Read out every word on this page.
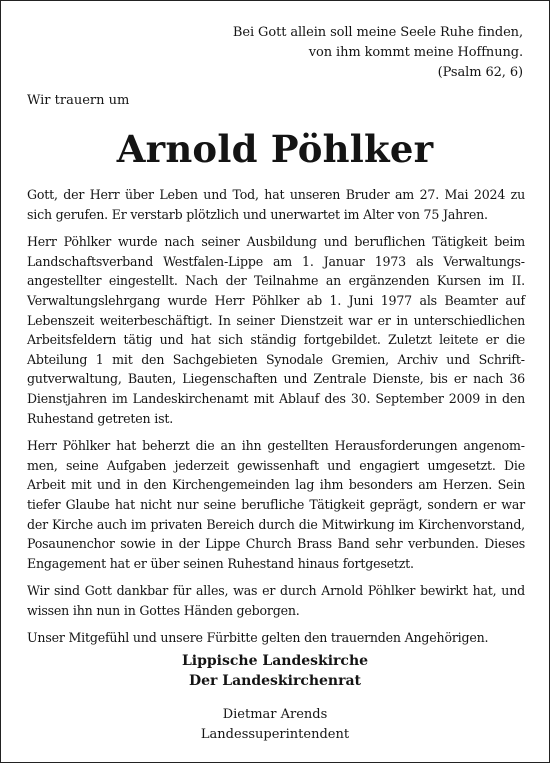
Bei Gott allein soll meine Seele Ruhe finden,
von ihm kommt meine Hoffnung.
(Psalm 62, 6)
Wir trauern um
Arnold Pöhlker

Gott, der Herr über Leben und Tod, hat unseren Bruder am 27. Mai 2024 zu sich gerufen. Er verstarb plötzlich und unerwartet im Alter von 75 Jahren.

Herr Pöhlker wurde nach seiner Ausbildung und beruflichen Tätigkeit beim Landschaftsverband Westfalen-Lippe am 1. Januar 1973 als Verwaltungsangestellter eingestellt. Nach der Teilnahme an ergänzenden Kursen im II. Verwaltungslehrgang wurde Herr Pöhlker ab 1. Juni 1977 als Beamter auf Lebenszeit weiterbeschäftigt. In seiner Dienstzeit war er in unterschiedlichen Arbeitsfeldern tätig und hat sich ständig fortgebildet. Zuletzt leitete er die Abteilung 1 mit den Sachgebieten Synodale Gremien, Archiv und Schriftgutverwaltung, Bauten, Liegenschaften und Zentrale Dienste, bis er nach 36 Dienstjahren im Landeskirchenamt mit Ablauf des 30. September 2009 in den Ruhestand getreten ist.

Herr Pöhlker hat beherzt die an ihn gestellten Herausforderungen angenommen, seine Aufgaben jederzeit gewissenhaft und engagiert umgesetzt. Die Arbeit mit und in den Kirchengemeinden lag ihm besonders am Herzen. Sein tiefer Glaube hat nicht nur seine berufliche Tätigkeit geprägt, sondern er war der Kirche auch im privaten Bereich durch die Mitwirkung im Kirchenvorstand, Posaunenchor sowie in der Lippe Church Brass Band sehr verbunden. Dieses Engagement hat er über seinen Ruhestand hinaus fortgesetzt.

Wir sind Gott dankbar für alles, was er durch Arnold Pöhlker bewirkt hat, und wissen ihn nun in Gottes Händen geborgen.

Unser Mitgefühl und unsere Fürbitte gelten den trauernden Angehörigen.

Lippische Landeskirche
Der Landeskirchenrat
Dietmar Arends
Landessuperintendent
